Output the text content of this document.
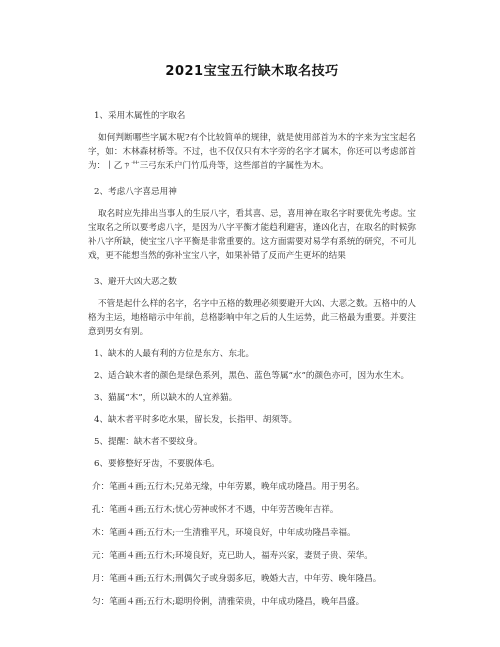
2021宝宝五行缺木取名技巧

1、采用木属性的字取名

如何判断哪些字属木呢?有个比较简单的规律，就是使用部首为木的字来为宝宝起名字，如：木林森材桥等。不过，也不仅仅只有木字旁的名字才属木，你还可以考虑部首为：丨乙ㄗ艹三弓东禾户门竹瓜舟等，这些部首的字属性为木。

2、考虑八字喜忌用神

取名时应先排出当事人的生辰八字，看其喜、忌，喜用神在取名字时要优先考虑。宝宝取名之所以要考虑八字，是因为八字平衡才能趋利避害，逢凶化吉，在取名的时候弥补八字所缺，使宝宝八字平衡是非常重要的。这方面需要对易学有系统的研究，不可儿戏，更不能想当然的弥补宝宝八字，如果补错了反而产生更坏的结果

3、避开大凶大恶之数

不管是起什么样的名字，名字中五格的数理必须要避开大凶、大恶之数。五格中的人格为主运，地格暗示中年前，总格影响中年之后的人生运势，此三格最为重要。并要注意到男女有别。

1、缺木的人最有利的方位是东方、东北。

2、适合缺木者的颜色是绿色系列，黑色、蓝色等属“水”的颜色亦可，因为水生木。

3、猫属“木”，所以缺木的人宜养猫。

4、缺木者平时多吃水果，留长发，长指甲、胡须等。

5、提醒：缺木者不要纹身。

6、要修整好牙齿，不要脱体毛。

介：笔画４画;五行木;兄弟无缘，中年劳累，晚年成功隆昌。用于男名。

孔：笔画４画;五行木;忧心劳神或怀才不遇，中年劳苦晚年吉祥。

木：笔画４画;五行木;一生清雅平凡，环境良好，中年成功隆昌幸福。

元：笔画４画;五行木;环境良好，克已助人，福寿兴家，妻贤子贵、荣华。

月：笔画４画;五行木;刑偶欠子或身弱多厄，晚婚大吉，中年劳、晚年隆昌。

匀：笔画４画;五行木;聪明伶俐，清雅荣贵，中年成功隆昌，晚年昌盛。
